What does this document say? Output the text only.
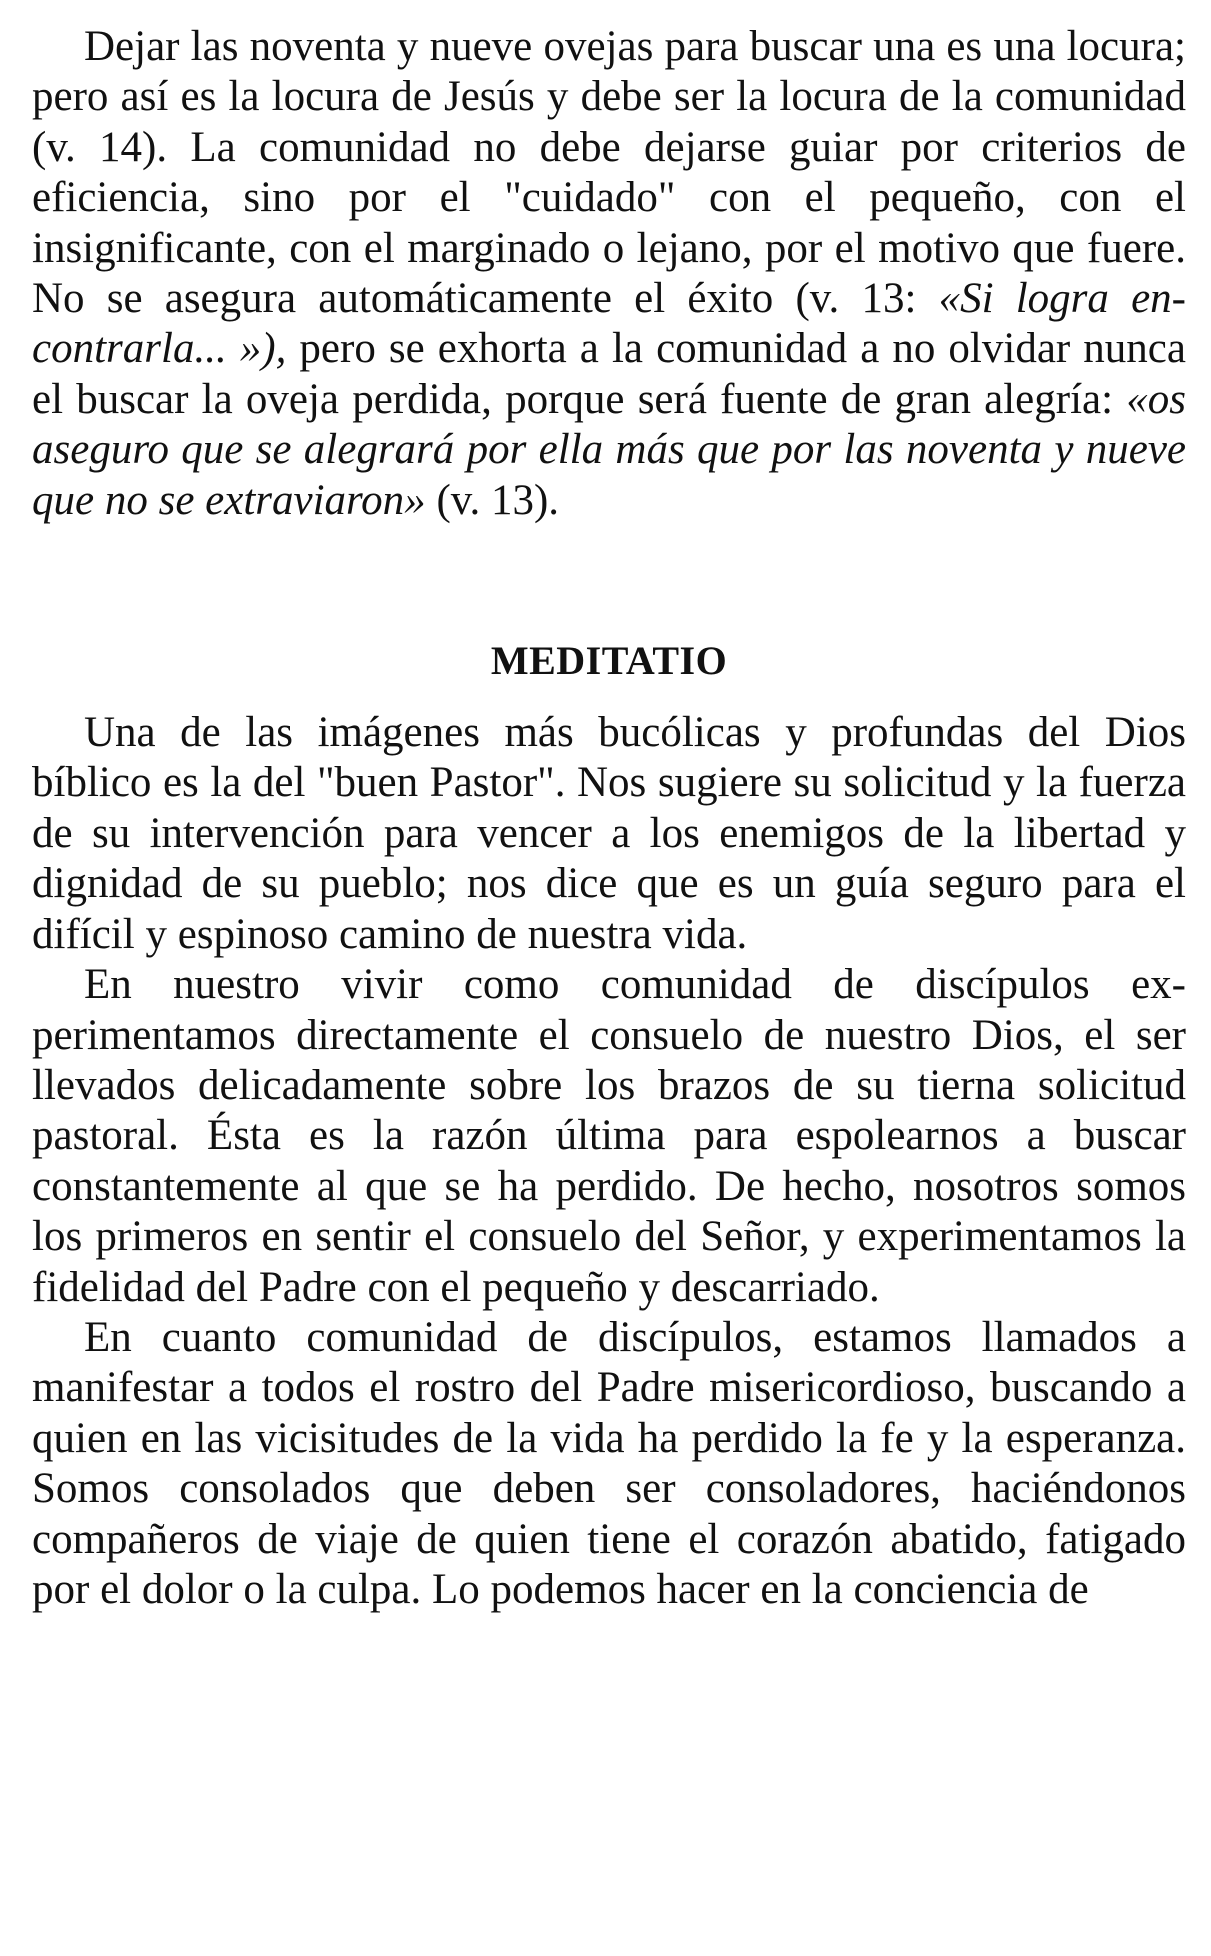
Dejar las noventa y nueve ovejas para buscar una es una locura; pero así es la locura de Jesús y debe ser la locura de la comunidad (v. 14). La comunidad no debe dejarse guiar por criterios de eficiencia, sino por el "cuidado" con el pequeño, con el insignificante, con el marginado o lejano, por el motivo que fuere. No se asegura automáticamente el éxito (v. 13: «Si logra encontrarla... »), pero se exhorta a la comunidad a no olvidar nunca el buscar la oveja perdida, porque será fuente de gran alegría: «os aseguro que se alegrará por ella más que por las noventa y nueve que no se extraviaron» (v. 13).

MEDITATIO

Una de las imágenes más bucólicas y profundas del Dios bíblico es la del "buen Pastor". Nos sugiere su solicitud y la fuerza de su intervención para vencer a los enemigos de la libertad y dignidad de su pueblo; nos dice que es un guía seguro para el difícil y espinoso camino de nuestra vida.

En nuestro vivir como comunidad de discípulos experimentamos directamente el consuelo de nuestro Dios, el ser llevados delicadamente sobre los brazos de su tierna solicitud pastoral. Ésta es la razón última para espolearnos a buscar constantemente al que se ha perdido. De hecho, nosotros somos los primeros en sentir el consuelo del Señor, y experimentamos la fidelidad del Padre con el pequeño y descarriado.

En cuanto comunidad de discípulos, estamos llamados a manifestar a todos el rostro del Padre misericordioso, buscando a quien en las vicisitudes de la vida ha perdido la fe y la esperanza. Somos consolados que deben ser consoladores, haciéndonos compañeros de viaje de quien tiene el corazón abatido, fatigado por el dolor o la culpa. Lo podemos hacer en la conciencia de
